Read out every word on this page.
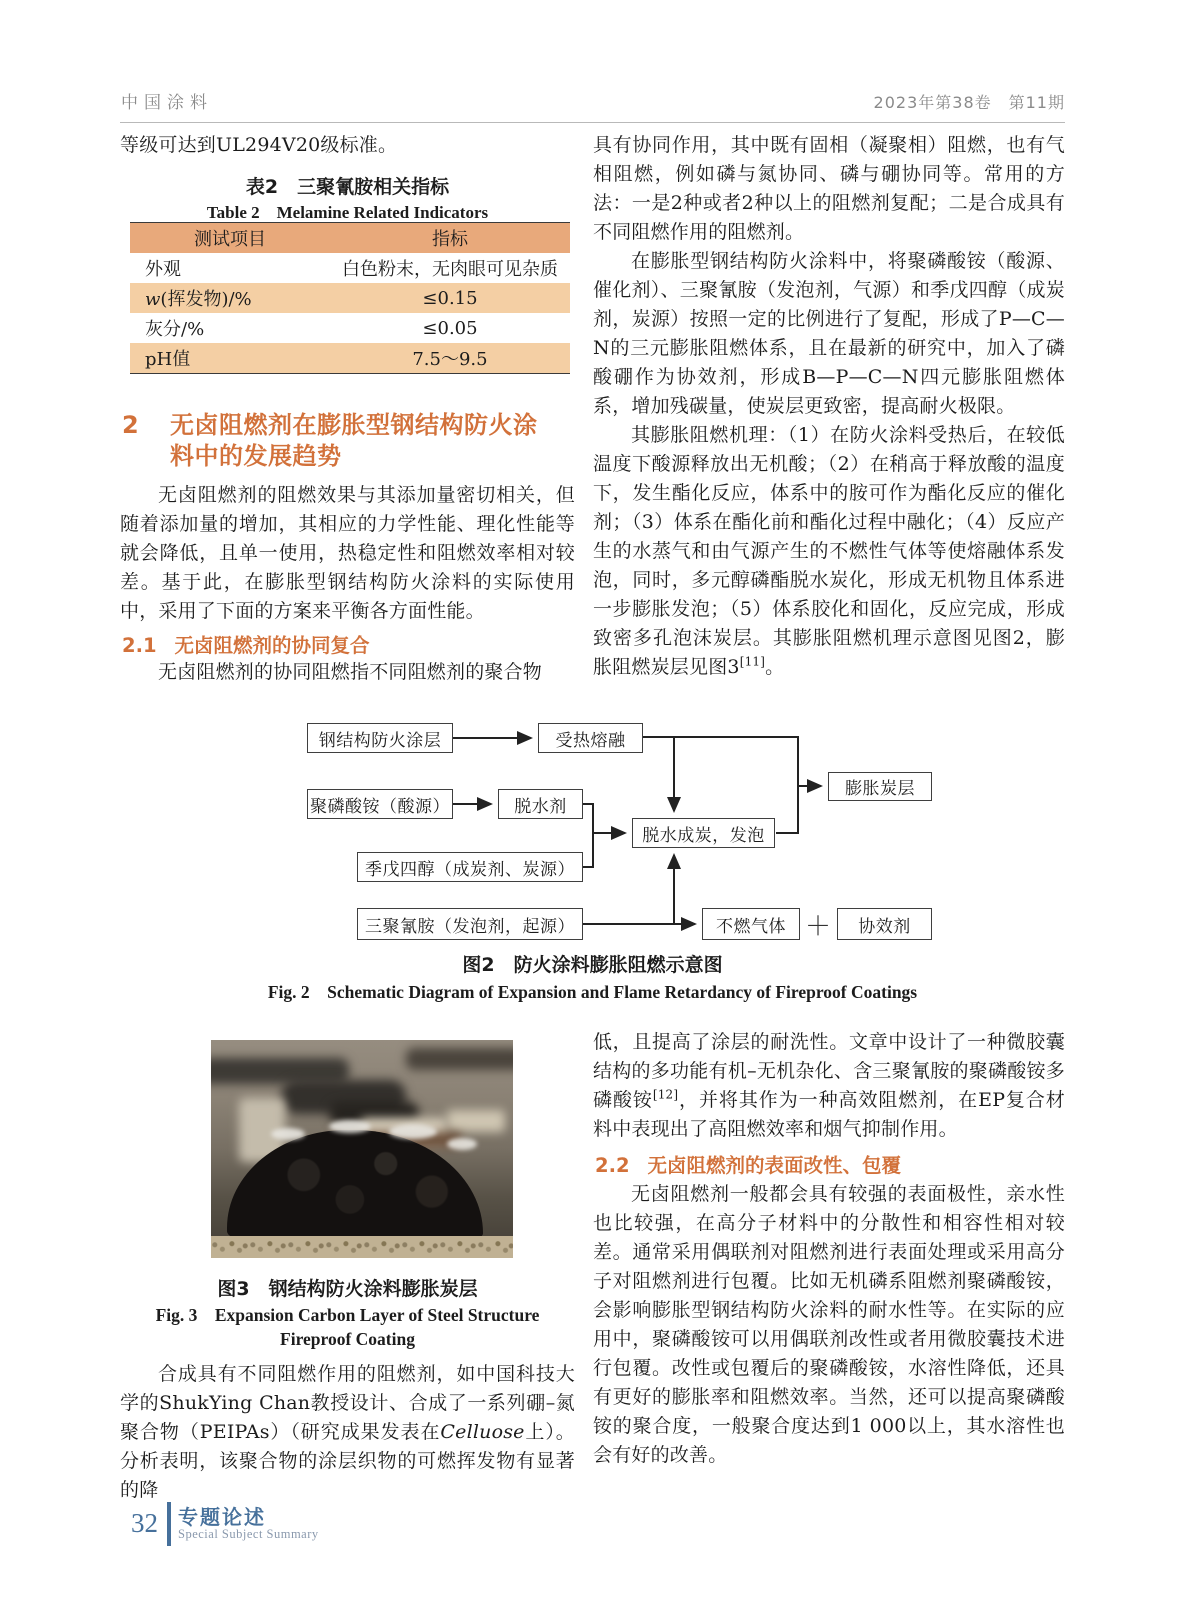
中国涂料	2023年第38卷　第11期
等级可达到UL294V20级标准。
表2　三聚氰胺相关指标
Table 2　Melamine Related Indicators
测试项目	指标
外观	白色粉末，无肉眼可见杂质
w(挥发物)/%	≤0.15
灰分/%	≤0.05
pH值	7.5～9.5
2	无卤阻燃剂在膨胀型钢结构防火涂料中的发展趋势
无卤阻燃剂的阻燃效果与其添加量密切相关，但随着添加量的增加，其相应的力学性能、理化性能等就会降低，且单一使用，热稳定性和阻燃效率相对较差。基于此，在膨胀型钢结构防火涂料的实际使用中，采用了下面的方案来平衡各方面性能。
2.1 无卤阻燃剂的协同复合
无卤阻燃剂的协同阻燃指不同阻燃剂的聚合物
具有协同作用，其中既有固相（凝聚相）阻燃，也有气相阻燃，例如磷与氮协同、磷与硼协同等。常用的方法：一是2种或者2种以上的阻燃剂复配；二是合成具有不同阻燃作用的阻燃剂。
在膨胀型钢结构防火涂料中，将聚磷酸铵（酸源、催化剂）、三聚氰胺（发泡剂，气源）和季戊四醇（成炭剂，炭源）按照一定的比例进行了复配，形成了P—C—N的三元膨胀阻燃体系，且在最新的研究中，加入了磷酸硼作为协效剂，形成B—P—C—N四元膨胀阻燃体系，增加残碳量，使炭层更致密，提高耐火极限。
其膨胀阻燃机理：（1）在防火涂料受热后，在较低温度下酸源释放出无机酸；（2）在稍高于释放酸的温度下，发生酯化反应，体系中的胺可作为酯化反应的催化剂；（3）体系在酯化前和酯化过程中融化；（4）反应产生的水蒸气和由气源产生的不燃性气体等使熔融体系发泡，同时，多元醇磷酯脱水炭化，形成无机物且体系进一步膨胀发泡；（5）体系胶化和固化，反应完成，形成致密多孔泡沫炭层。其膨胀阻燃机理示意图见图2，膨胀阻燃炭层见图3[11]。
钢结构防火涂层	受热熔融
聚磷酸铵（酸源）	脱水剂
季戊四醇（成炭剂、炭源）
脱水成炭，发泡
膨胀炭层
三聚氰胺（发泡剂，起源）	不燃气体 ＋	协效剂
图2　防火涂料膨胀阻燃示意图
Fig. 2　Schematic Diagram of Expansion and Flame Retardancy of Fireproof Coatings
图3　钢结构防火涂料膨胀炭层
Fig. 3　Expansion Carbon Layer of Steel Structure
Fireproof Coating
合成具有不同阻燃作用的阻燃剂，如中国科技大学的ShukYing Chan教授设计、合成了一系列硼–氮聚合物（PEIPAs）（研究成果发表在Celluose上）。分析表明，该聚合物的涂层织物的可燃挥发物有显著的降
低，且提高了涂层的耐洗性。文章中设计了一种微胶囊结构的多功能有机–无机杂化、含三聚氰胺的聚磷酸铵多磷酸铵[12]，并将其作为一种高效阻燃剂，在EP复合材料中表现出了高阻燃效率和烟气抑制作用。
2.2 无卤阻燃剂的表面改性、包覆
无卤阻燃剂一般都会具有较强的表面极性，亲水性也比较强，在高分子材料中的分散性和相容性相对较差。通常采用偶联剂对阻燃剂进行表面处理或采用高分子对阻燃剂进行包覆。比如无机磷系阻燃剂聚磷酸铵，会影响膨胀型钢结构防火涂料的耐水性等。在实际的应用中，聚磷酸铵可以用偶联剂改性或者用微胶囊技术进行包覆。改性或包覆后的聚磷酸铵，水溶性降低，还具有更好的膨胀率和阻燃效率。当然，还可以提高聚磷酸铵的聚合度，一般聚合度达到1 000以上，其水溶性也会有好的改善。
32 专题论述
Special Subject Summary
